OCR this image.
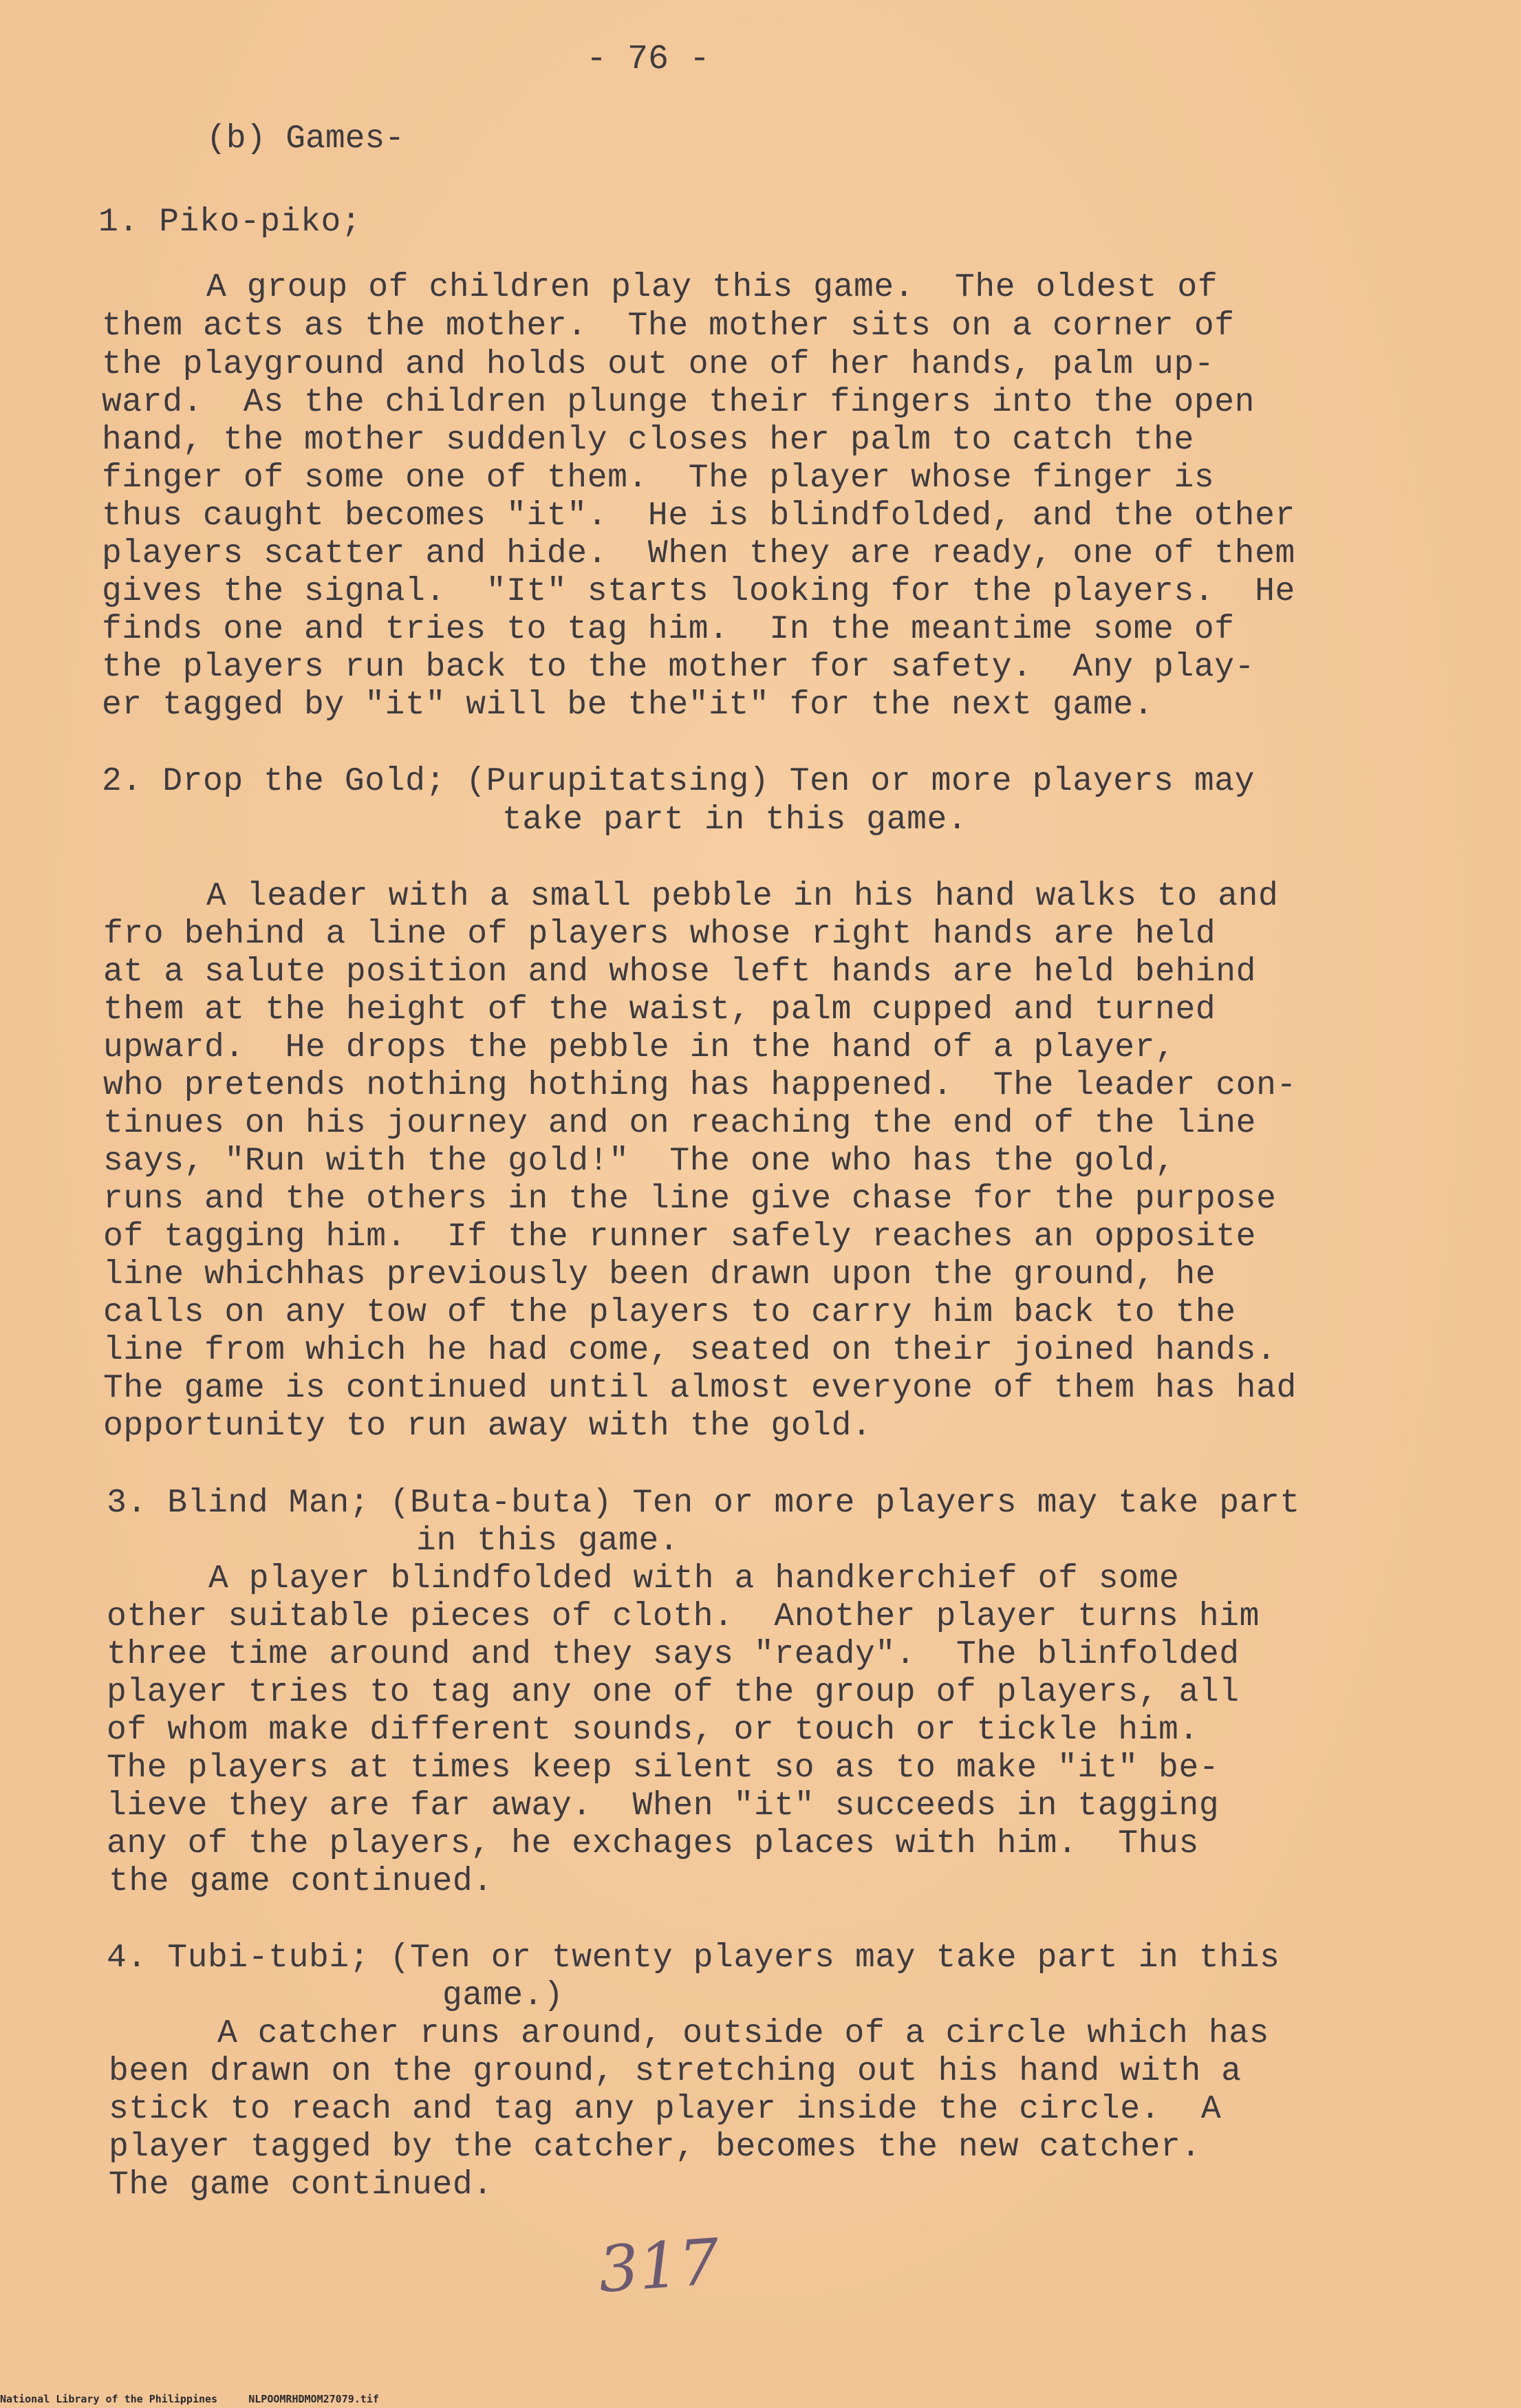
- 76 -
(b) Games-
1. Piko-piko;
A group of children play this game.  The oldest of
them acts as the mother.  The mother sits on a corner of
the playground and holds out one of her hands, palm up-
ward.  As the children plunge their fingers into the open
hand, the mother suddenly closes her palm to catch the
finger of some one of them.  The player whose finger is
thus caught becomes "it".  He is blindfolded, and the other
players scatter and hide.  When they are ready, one of them
gives the signal.  "It" starts looking for the players.  He
finds one and tries to tag him.  In the meantime some of
the players run back to the mother for safety.  Any play-
er tagged by "it" will be the"it" for the next game.
2. Drop the Gold; (Purupitatsing) Ten or more players may
take part in this game.
A leader with a small pebble in his hand walks to and
fro behind a line of players whose right hands are held
at a salute position and whose left hands are held behind
them at the height of the waist, palm cupped and turned
upward.  He drops the pebble in the hand of a player,
who pretends nothing hothing has happened.  The leader con-
tinues on his journey and on reaching the end of the line
says, "Run with the gold!"  The one who has the gold,
runs and the others in the line give chase for the purpose
of tagging him.  If the runner safely reaches an opposite
line whichhas previously been drawn upon the ground, he
calls on any tow of the players to carry him back to the
line from which he had come, seated on their joined hands.
The game is continued until almost everyone of them has had
opportunity to run away with the gold.
3. Blind Man; (Buta-buta) Ten or more players may take part
in this game.
A player blindfolded with a handkerchief of some
other suitable pieces of cloth.  Another player turns him
three time around and they says "ready".  The blinfolded
player tries to tag any one of the group of players, all
of whom make different sounds, or touch or tickle him.
The players at times keep silent so as to make "it" be-
lieve they are far away.  When "it" succeeds in tagging
any of the players, he exchages places with him.  Thus
the game continued.
4. Tubi-tubi; (Ten or twenty players may take part in this
game.)
A catcher runs around, outside of a circle which has
been drawn on the ground, stretching out his hand with a
stick to reach and tag any player inside the circle.  A
player tagged by the catcher, becomes the new catcher.
The game continued.
317
National Library of the Philippines     NLPOOMRHDMOM27079.tif
